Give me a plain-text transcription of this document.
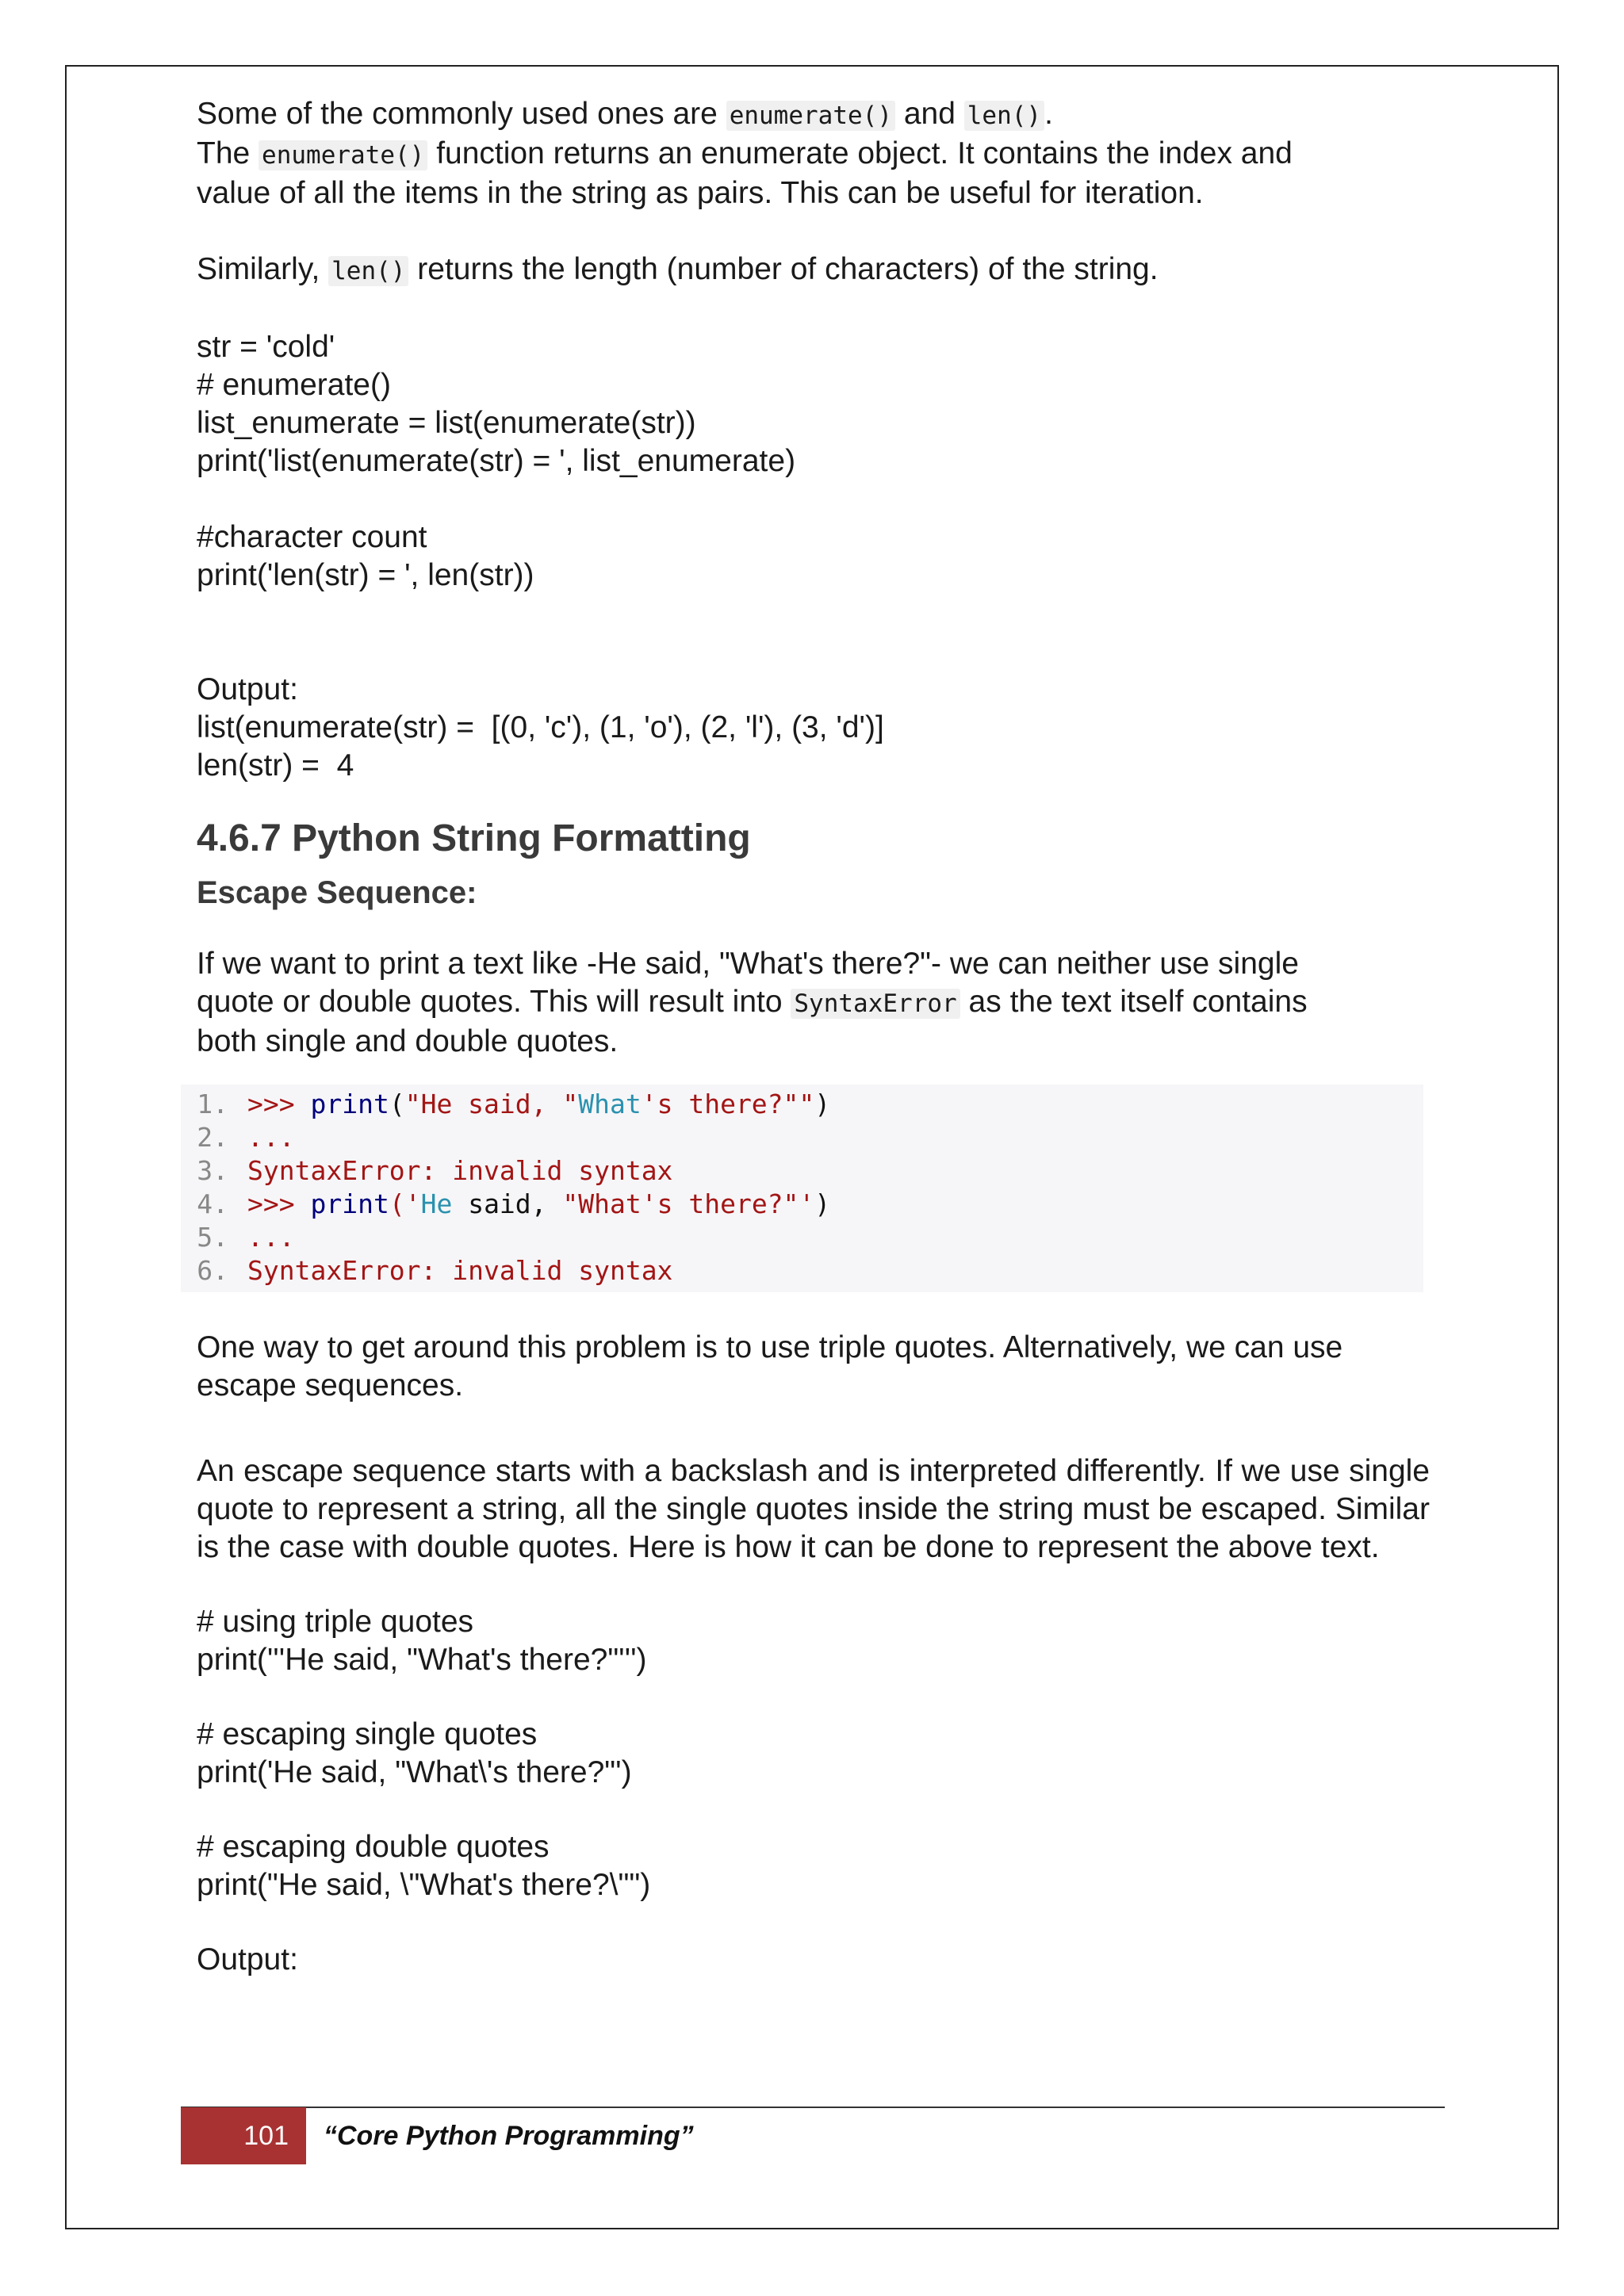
Some of the commonly used ones are enumerate() and len() .

The enumerate() function returns an enumerate object. It contains the index and

value of all the items in the string as pairs. This can be useful for iteration.

Similarly, len() returns the length (number of characters) of the string.

str = 'cold'
# enumerate()
list_enumerate = list(enumerate(str))
print('list(enumerate(str) = ', list_enumerate)
#character count
print('len(str) = ', len(str))
Output:
list(enumerate(str) =  [(0, 'c'), (1, 'o'), (2, 'l'), (3, 'd')]
len(str) =  4
4.6.7 Python String Formatting
Escape Sequence:

If we want to print a text like -He said, "What's there?"- we can neither use single

quote or double quotes. This will result into SyntaxError as the text itself contains

both single and double quotes.

1. >>> print("He said, "What's there?"")
2. ...
3. SyntaxError: invalid syntax
4. >>> print('He said, "What's there?"')
5. ...
6. SyntaxError: invalid syntax

One way to get around this problem is to use triple quotes. Alternatively, we can use

escape sequences.

An escape sequence starts with a backslash and is interpreted differently. If we use single quote to represent a string, all the single quotes inside the string must be escaped. Similar is the case with double quotes. Here is how it can be done to represent the above text.

# using triple quotes
print('''He said, "What's there?"''')
# escaping single quotes
print('He said, "What\'s there?"')
# escaping double quotes
print("He said, \"What's there?\"")
Output:
101	“Core Python Programming”
